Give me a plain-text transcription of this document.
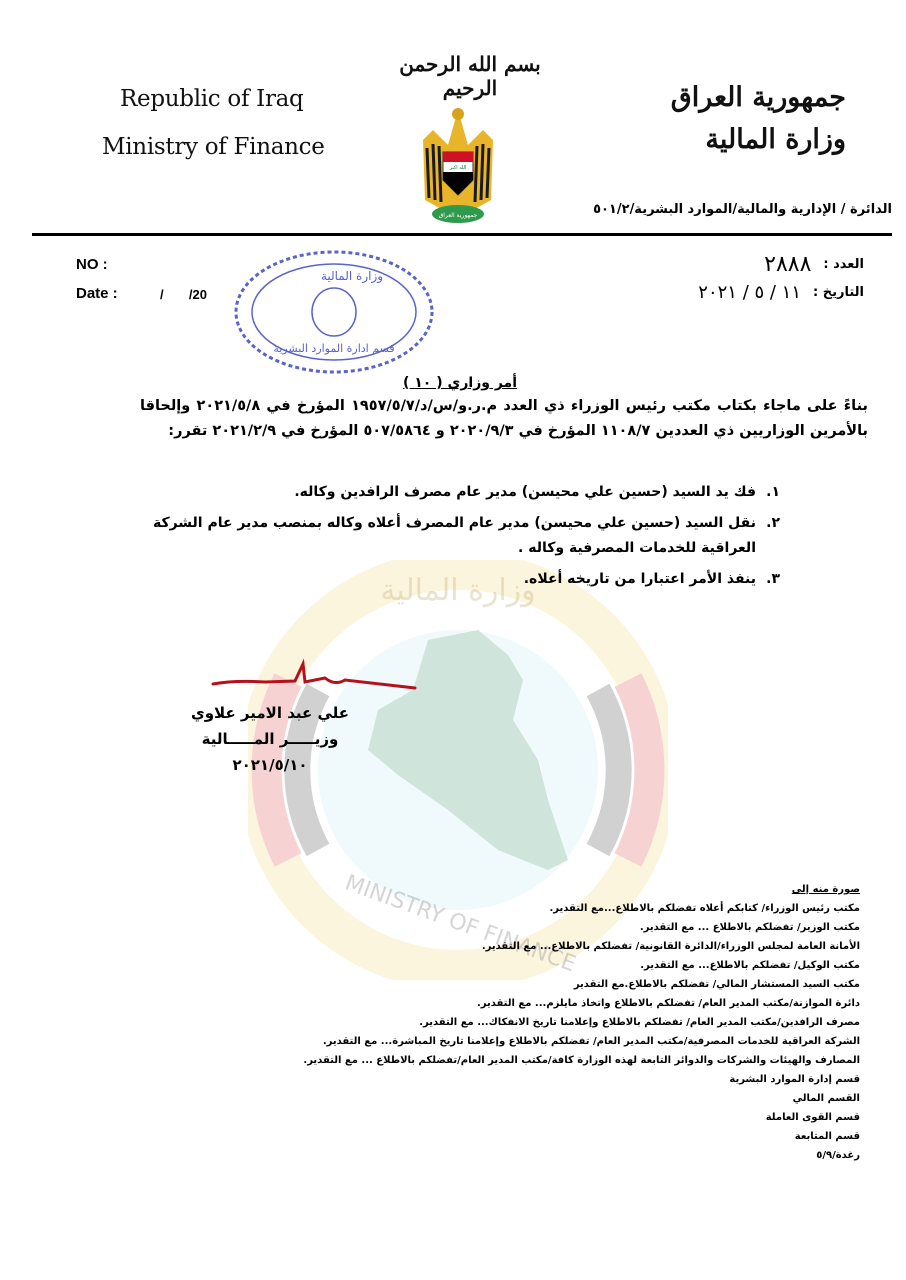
وزارة المالية
MINISTRY OF FINANCE
Republic of Iraq
Ministry of Finance
بسم الله الرحمن الرحيم
الله اكبر
جمهورية العراق
جمهورية العراق
وزارة المالية
الدائرة / الإدارية والمالية/الموارد البشرية/٥٠١/٢
NO :
Date :	/       /20
وزارة المالية
قسم ادارة الموارد البشرية
العدد :
٢٨٨٨
التاريخ :
١١ / ٥ / ٢٠٢١
أمر وزاري ( ١٠ )
بناءً على ماجاء بكتاب مكتب رئيس الوزراء ذي العدد م.ر.و/س/د/١٩٥٧/٥/٧ المؤرخ في ٢٠٢١/٥/٨ وإلحاقا بالأمرين الوزاريين ذي العددين ١١٠٨/٧ المؤرخ في ٢٠٢٠/٩/٣ و ٥٠٧/٥٨٦٤ المؤرخ في ٢٠٢١/٢/٩ تقرر:
١.
فك يد السيد (حسين علي محيسن) مدير عام مصرف الرافدين وكاله.
٢.
نقل السيد (حسين علي محيسن) مدير عام المصرف أعلاه وكاله بمنصب مدير عام الشركة العراقية للخدمات المصرفية وكاله .
٣.
ينفذ الأمر اعتبارا من تاريخه أعلاه.
علي عبد الامير علاوي
وزيـــــر المـــــالية
٢٠٢١/٥/١٠
صورة منه إلى
مكتب رئيس الوزراء/ كتابكم أعلاه تفضلكم بالاطلاع...مع التقدير.
مكتب الوزير/ تفضلكم بالاطلاع ... مع التقدير.
الأمانة العامة لمجلس الوزراء/الدائرة القانونية/ تفضلكم بالاطلاع... مع التقدير.
مكتب الوكيل/ تفضلكم بالاطلاع... مع التقدير.
مكتب السيد المستشار المالي/ تفضلكم بالاطلاع.مع التقدير
دائرة الموازنة/مكتب المدير العام/ تفضلكم بالاطلاع واتخاذ مايلزم... مع التقدير.
مصرف الرافدين/مكتب المدير العام/ تفضلكم بالاطلاع وإعلامنا تاريخ الانفكاك... مع التقدير.
الشركة العراقية للخدمات المصرفية/مكتب المدير العام/ تفضلكم بالاطلاع وإعلامنا تاريخ المباشرة... مع التقدير.
المصارف والهيئات والشركات والدوائر التابعة لهذه الوزارة كافة/مكتب المدير العام/تفضلكم بالاطلاع ... مع التقدير.
قسم إدارة الموارد البشرية
القسم المالي
قسم القوى العاملة
قسم المتابعة
رغدة/٥/٩
